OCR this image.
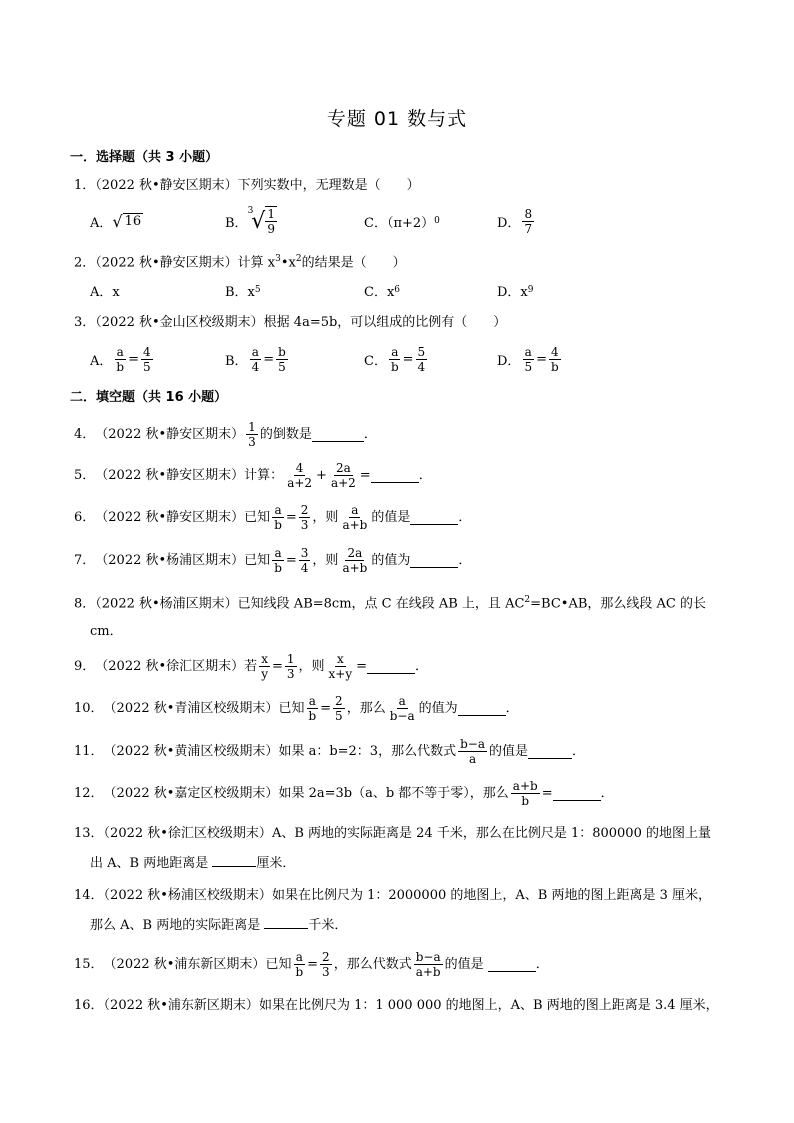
专题 01 数与式
一．选择题（共 3 小题）
1．（2022 秋•静安区期末）下列实数中，无理数是（　　）
A． √ 16	B．
3
√ $\frac{1}{9}$	C．（π+2） 0	D． $\frac{8}{7}$
2．（2022 秋•静安区期末）计算 $x^3•x^2$的结果是（　　）
A．x	B．x 5	C．x 6	D．x 9
3．（2022 秋•金山区校级期末）根据 4a=5b，可以组成的比例有（　　）
A． $\frac{a}{b} = \frac{4}{5}$	B． $\frac{a}{4} = \frac{b}{5}$	C． $\frac{a}{b} = \frac{5}{4}$	D． $\frac{a}{5} = \frac{4}{b}$
二．填空题（共 16 小题）
4． （2022 秋•静安区期末） $\frac{1}{3}$ 的倒数是	．
5． （2022 秋•静安区期末） 计算： $\frac{4}{a+2} + \frac{2a}{a+2}$ =	．
6． （2022 秋•静安区期末） 已知 $\frac{a}{b} = \frac{2}{3}$ ，则 $\frac{a}{a+b}$ 的值是	．
7． （2022 秋•杨浦区期末） 已知 $\frac{a}{b} = \frac{3}{4}$ ，则 $\frac{2a}{a+b}$ 的值为	．
8．（2022 秋•杨浦区期末）已知线段 AB=8cm，点 C 在线段 AB 上，且 $AC^2=BC•AB$，那么线段 AC 的长
cm．
9． （2022 秋•徐汇区期末） 若 $\frac{x}{y} = \frac{1}{3}$ ，则 $\frac{x}{x+y}$ =	．
10． （2022 秋•青浦区校级期末） 已知 $\frac{a}{b} = \frac{2}{5}$ ，那么 $\frac{a}{b-a}$ 的值为	．
11． （2022 秋•黄浦区校级期末） 如果 a：b=2：3，那么代数式 $\frac{b-a}{a}$ 的值是	．
12． （2022 秋•嘉定区校级期末） 如果 2a=3b（a、b 都不等于零），那么 $\frac{a+b}{b}$ =	．
13．（2022 秋•徐汇区校级期末）A、B 两地的实际距离是 24 千米，那么在比例尺是 1：800000 的地图上量
出 A、B 两地距离是	厘米．
14．（2022 秋•杨浦区校级期末）如果在比例尺为 1：2000000 的地图上，A、B 两地的图上距离是 3 厘米，
那么 A、B 两地的实际距离是	千米．
15． （2022 秋•浦东新区期末） 已知 $\frac{a}{b} = \frac{2}{3}$ ，那么代数式 $\frac{b-a}{a+b}$ 的值是
	．
16．（2022 秋•浦东新区期末）如果在比例尺为 1：1 000 000 的地图上，A、B 两地的图上距离是 3.4 厘米，
